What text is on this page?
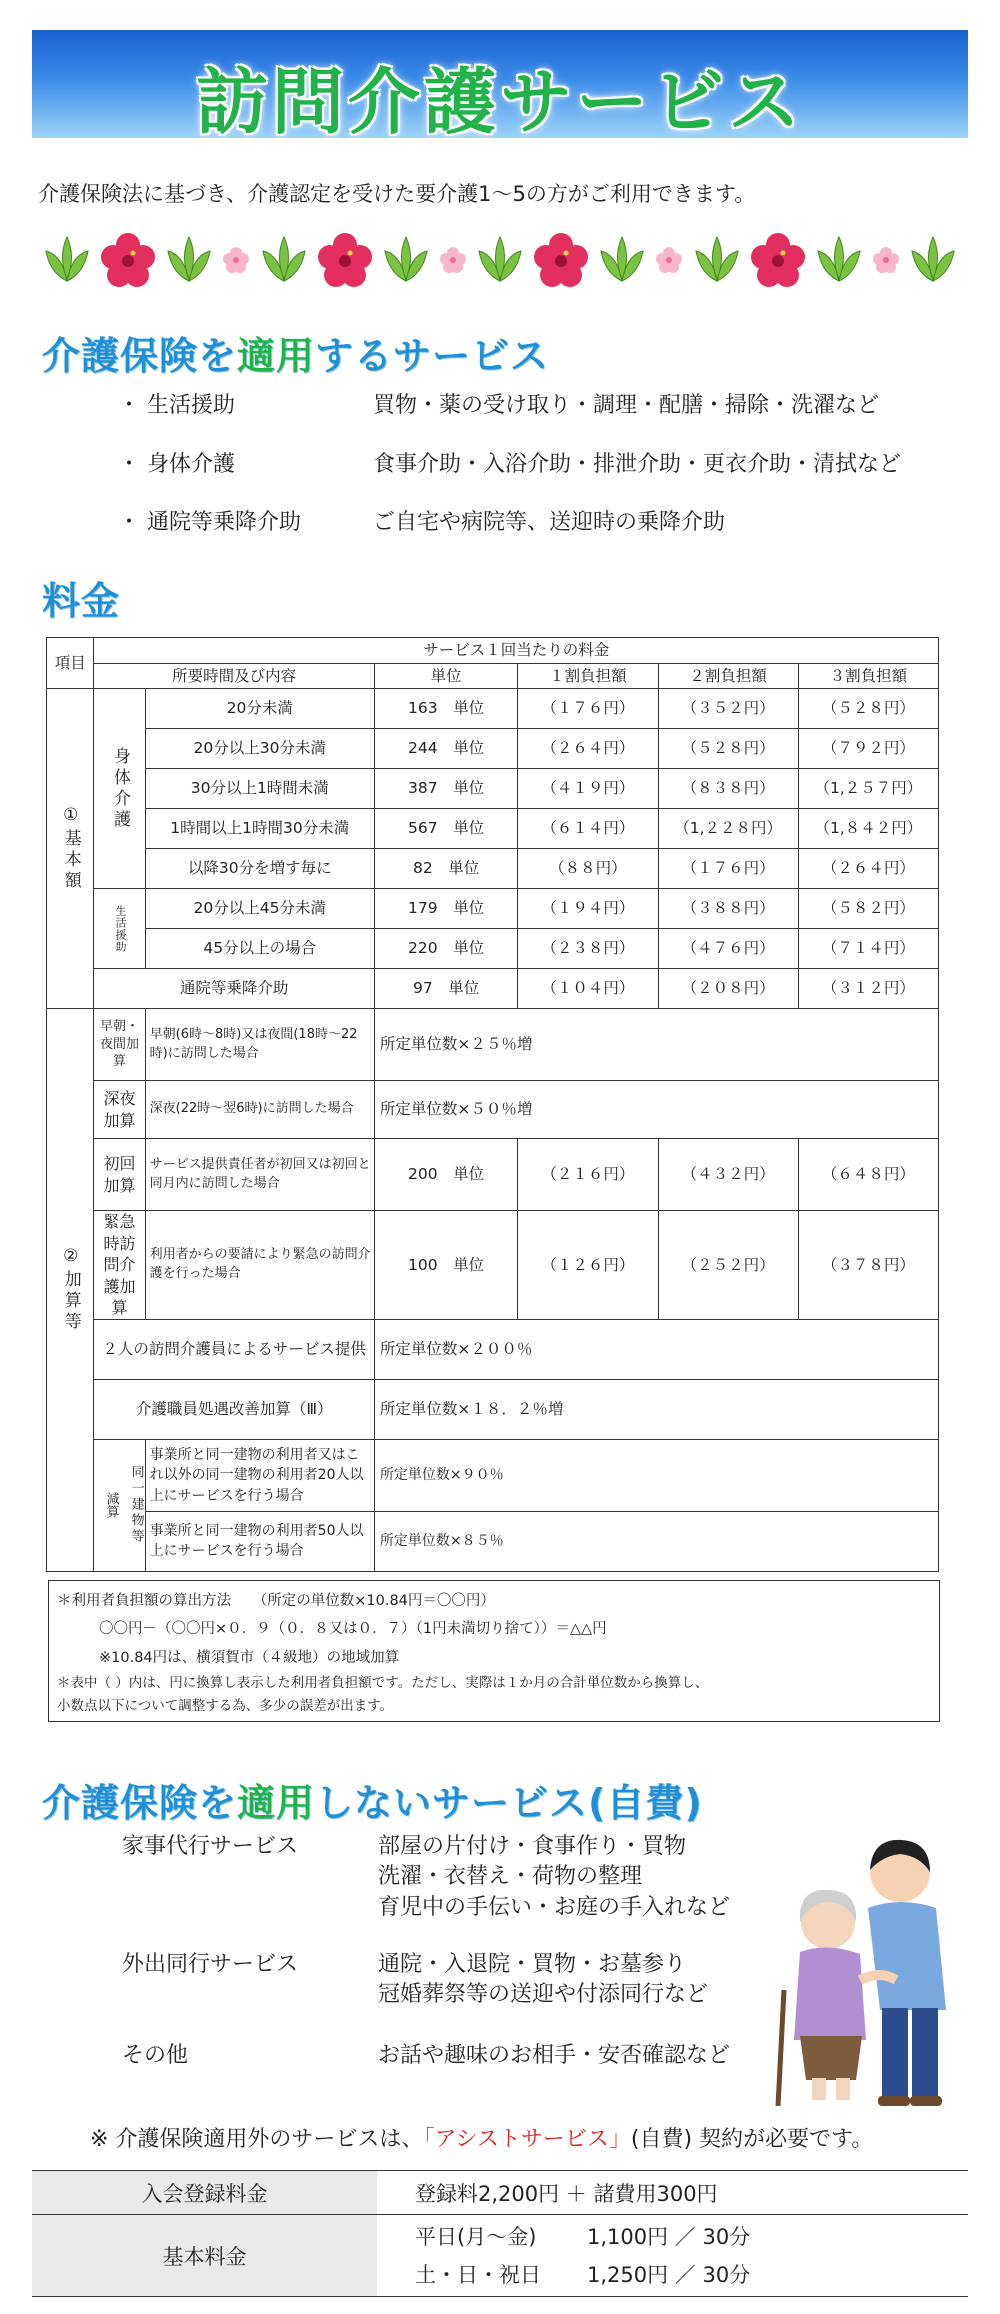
訪問介護サービス
介護保険法に基づき、介護認定を受けた要介護1～5の方がご利用できます。
介護保険を適用するサービス
・ 生活援助	買物・薬の受け取り・調理・配膳・掃除・洗濯など
・ 身体介護	食事介助・入浴介助・排泄介助・更衣介助・清拭など
・ 通院等乗降介助	ご自宅や病院等、送迎時の乗降介助
料金
項目	サービス１回当たりの料金					
	所要時間及び内容		単位	１割負担額	２割負担額	３割負担額
①基本額	身体介護	20分未満	163　単位	（１７６円）	（３５２円）	（５２８円）
		20分以上30分未満	244　単位	（２６４円）	（５２８円）	（７９２円）
		30分以上1時間未満	387　単位	（４１９円）	（８３８円）	（1,２５７円）
		1時間以上1時間30分未満	567　単位	（６１４円）	（1,２２８円）	（1,８４２円）
		以降30分を増す毎に	82　単位	（８８円）	（１７６円）	（２６４円）
	生活援助	20分以上45分未満	179　単位	（１９４円）	（３８８円）	（５８２円）
		45分以上の場合	220　単位	（２３８円）	（４７６円）	（７１４円）
	通院等乗降介助		97　単位	（１０４円）	（２０８円）	（３１２円）
②加算等	早朝・夜間加算	早朝(6時～8時)又は夜間(18時～22時)に訪問した場合	所定単位数×２５％増			
	深夜加算	深夜(22時～翌6時)に訪問した場合	所定単位数×５０％増			
	初回加算	サービス提供責任者が初回又は初回と同月内に訪問した場合	200　単位	（２１６円）	（４３２円）	（６４８円）
	緊急時訪問介護加算	利用者からの要請により緊急の訪問介護を行った場合	100　単位	（１２６円）	（２５２円）	（３７８円）
	２人の訪問介護員によるサービス提供		所定単位数×２００％			
	介護職員処遇改善加算（Ⅲ）		所定単位数×１８．２％増			

	減算 同一建物等	事業所と同一建物の利用者又はこれ以外の同一建物の利用者20人以上にサービスを行う場合	所定単位数×９０％			
		事業所と同一建物の利用者50人以上にサービスを行う場合	所定単位数×８５％			
＊利用者負担額の算出方法　　（所定の単位数×10.84円＝〇〇円）
〇〇円－（〇〇円×０．９（０．８又は０．７）（1円未満切り捨て））＝△△円
※10.84円は、横須賀市（４級地）の地域加算
＊表中（ ）内は、円に換算し表示した利用者負担額です。ただし、実際は１か月の合計単位数から換算し、
小数点以下について調整する為、多少の誤差が出ます。
介護保険を適用しないサービス(自費)
家事代行サービス	部屋の片付け・食事作り・買物
洗濯・衣替え・荷物の整理
育児中の手伝い・お庭の手入れなど
外出同行サービス	通院・入退院・買物・お墓参り
冠婚葬祭等の送迎や付添同行など
その他	お話や趣味のお相手・安否確認など
※ 介護保険適用外のサービスは、「アシストサービス」(自費) 契約が必要です。
入会登録料金	登録料2,200円 ＋ 諸費用300円
基本料金	平日(月～金) 1,100円 ／ 30分
土・日・祝日 1,250円 ／ 30分
